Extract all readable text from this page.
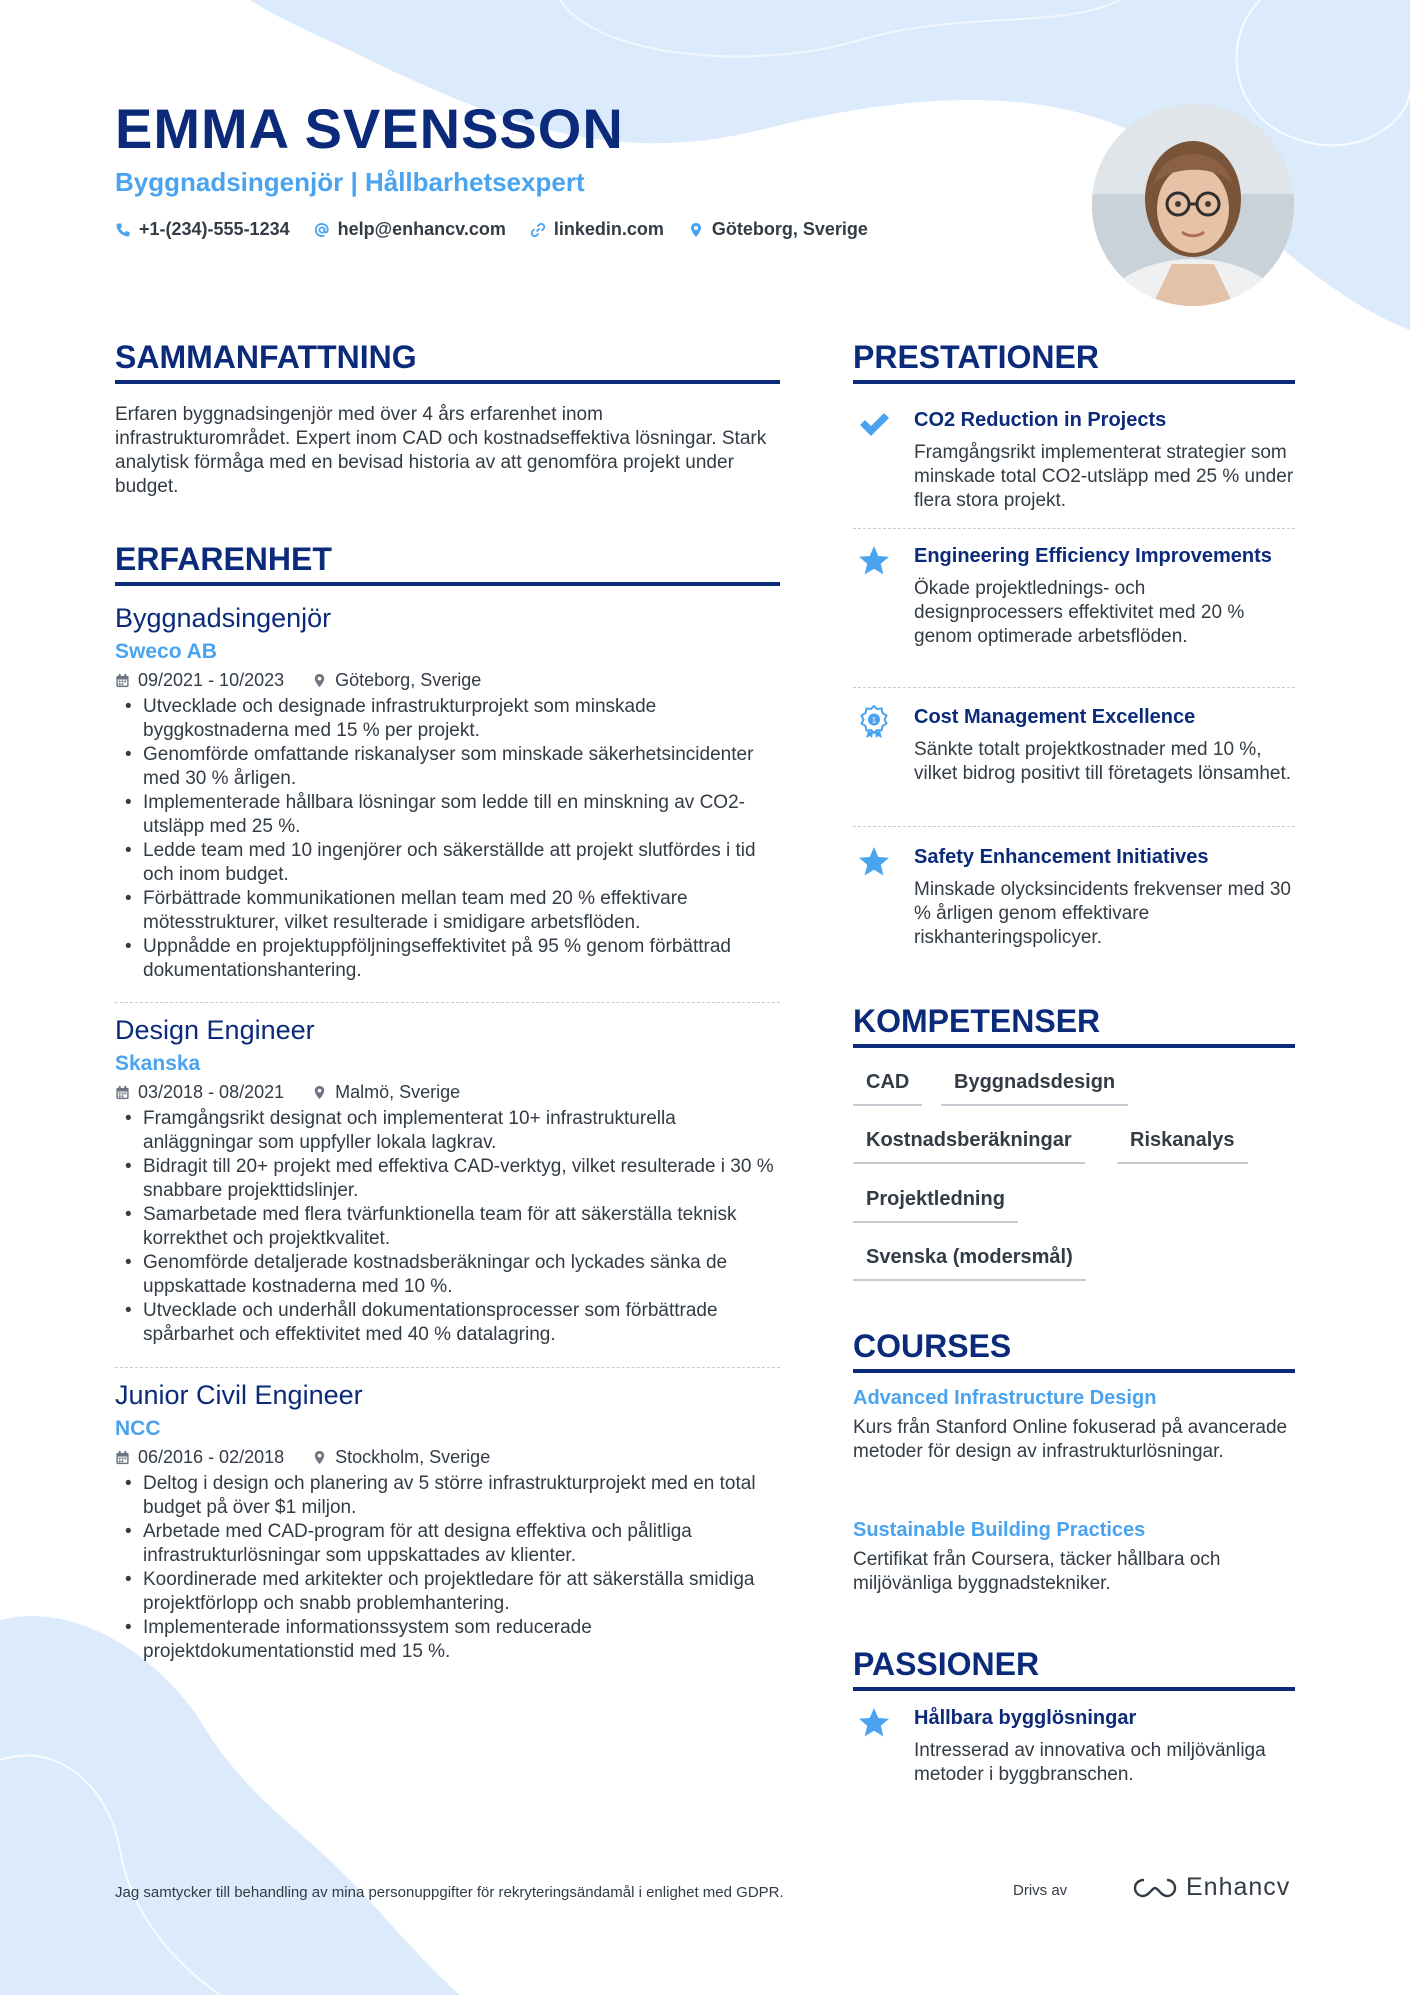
EMMA SVENSSON
Byggnadsingenjör | Hållbarhetsexpert
+1-(234)-555-1234	help@enhancv.com	linkedin.com	Göteborg, Sverige
SAMMANFATTNING
Erfaren byggnadsingenjör med över 4 års erfarenhet inom infrastrukturområdet. Expert inom CAD och kostnadseffektiva lösningar. Stark analytisk förmåga med en bevisad historia av att genomföra projekt under budget.
ERFARENHET
Byggnadsingenjör
Sweco AB
09/2021 - 10/2023	Göteborg, Sverige
• Utvecklade och designade infrastrukturprojekt som minskade byggkostnaderna med 15 % per projekt.
• Genomförde omfattande riskanalyser som minskade säkerhetsincidenter med 30 % årligen.
• Implementerade hållbara lösningar som ledde till en minskning av CO2-utsläpp med 25 %.
• Ledde team med 10 ingenjörer och säkerställde att projekt slutfördes i tid och inom budget.
• Förbättrade kommunikationen mellan team med 20 % effektivare mötesstrukturer, vilket resulterade i smidigare arbetsflöden.
• Uppnådde en projektuppföljningseffektivitet på 95 % genom förbättrad dokumentationshantering.
Design Engineer
Skanska
03/2018 - 08/2021	Malmö, Sverige
• Framgångsrikt designat och implementerat 10+ infrastrukturella anläggningar som uppfyller lokala lagkrav.
• Bidragit till 20+ projekt med effektiva CAD-verktyg, vilket resulterade i 30 % snabbare projekttidslinjer.
• Samarbetade med flera tvärfunktionella team för att säkerställa teknisk korrekthet och projektkvalitet.
• Genomförde detaljerade kostnadsberäkningar och lyckades sänka de uppskattade kostnaderna med 10 %.
• Utvecklade och underhåll dokumentationsprocesser som förbättrade spårbarhet och effektivitet med 40 % datalagring.
Junior Civil Engineer
NCC
06/2016 - 02/2018	Stockholm, Sverige
• Deltog i design och planering av 5 större infrastrukturprojekt med en total budget på över $1 miljon.
• Arbetade med CAD-program för att designa effektiva och pålitliga infrastrukturlösningar som uppskattades av klienter.
• Koordinerade med arkitekter och projektledare för att säkerställa smidiga projektförlopp och snabb problemhantering.
• Implementerade informationssystem som reducerade projektdokumentationstid med 15 %.
PRESTATIONER
CO2 Reduction in Projects
Framgångsrikt implementerat strategier som minskade total CO2-utsläpp med 25 % under flera stora projekt.
Engineering Efficiency Improvements
Ökade projektlednings- och designprocessers effektivitet med 20 % genom optimerade arbetsflöden.
1 Cost Management Excellence
Sänkte totalt projektkostnader med 10 %, vilket bidrog positivt till företagets lönsamhet.
Safety Enhancement Initiatives
Minskade olycksincidents frekvenser med 30 % årligen genom effektivare riskhanteringspolicyer.
KOMPETENSER
CAD	Byggnadsdesign
Kostnadsberäkningar	Riskanalys
Projektledning
Svenska (modersmål)
COURSES
Advanced Infrastructure Design
Kurs från Stanford Online fokuserad på avancerade metoder för design av infrastrukturlösningar.
Sustainable Building Practices
Certifikat från Coursera, täcker hållbara och miljövänliga byggnadstekniker.
PASSIONER
Hållbara bygglösningar
Intresserad av innovativa och miljövänliga metoder i byggbranschen.
Jag samtycker till behandling av mina personuppgifter för rekryteringsändamål i enlighet med GDPR.	Drivs av	Enhancv
